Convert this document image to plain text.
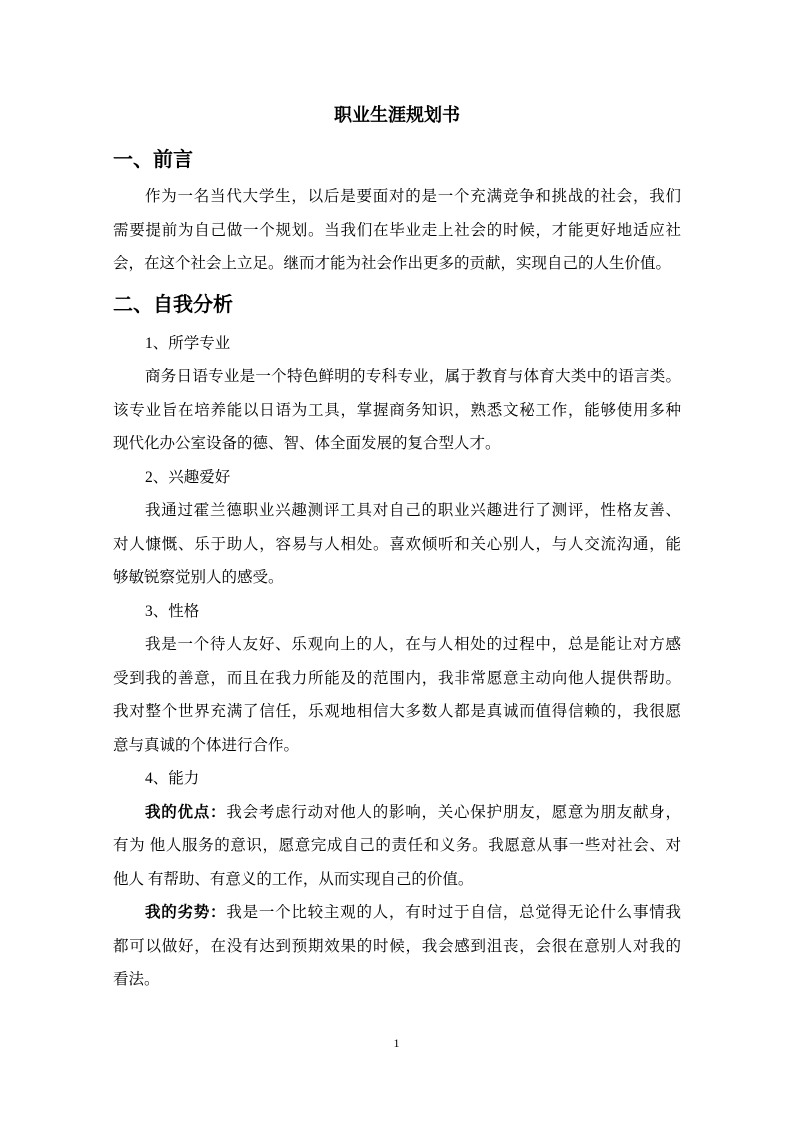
职业生涯规划书
一、前言
作为一名当代大学生，以后是要面对的是一个充满竞争和挑战的社会，我们
需要提前为自己做一个规划。当我们在毕业走上社会的时候，才能更好地适应社
会，在这个社会上立足。继而才能为社会作出更多的贡献，实现自己的人生价值。
二、自我分析
1、所学专业
商务日语专业是一个特色鲜明的专科专业，属于教育与体育大类中的语言类。
该专业旨在培养能以日语为工具，掌握商务知识，熟悉文秘工作，能够使用多种
现代化办公室设备的德、智、体全面发展的复合型人才。
2、兴趣爱好
我通过霍兰德职业兴趣测评工具对自己的职业兴趣进行了测评，性格友善、
对人慷慨、乐于助人，容易与人相处。喜欢倾听和关心别人，与人交流沟通，能
够敏锐察觉别人的感受。
3、性格
我是一个待人友好、乐观向上的人，在与人相处的过程中，总是能让对方感
受到我的善意，而且在我力所能及的范围内，我非常愿意主动向他人提供帮助。
我对整个世界充满了信任，乐观地相信大多数人都是真诚而值得信赖的，我很愿
意与真诚的个体进行合作。
4、能力
我的优点：我会考虑行动对他人的影响，关心保护朋友，愿意为朋友献身，
有为 他人服务的意识，愿意完成自己的责任和义务。我愿意从事一些对社会、对
他人 有帮助、有意义的工作，从而实现自己的价值。
我的劣势：我是一个比较主观的人，有时过于自信，总觉得无论什么事情我
都可以做好，在没有达到预期效果的时候，我会感到沮丧，会很在意别人对我的
看法。
1
